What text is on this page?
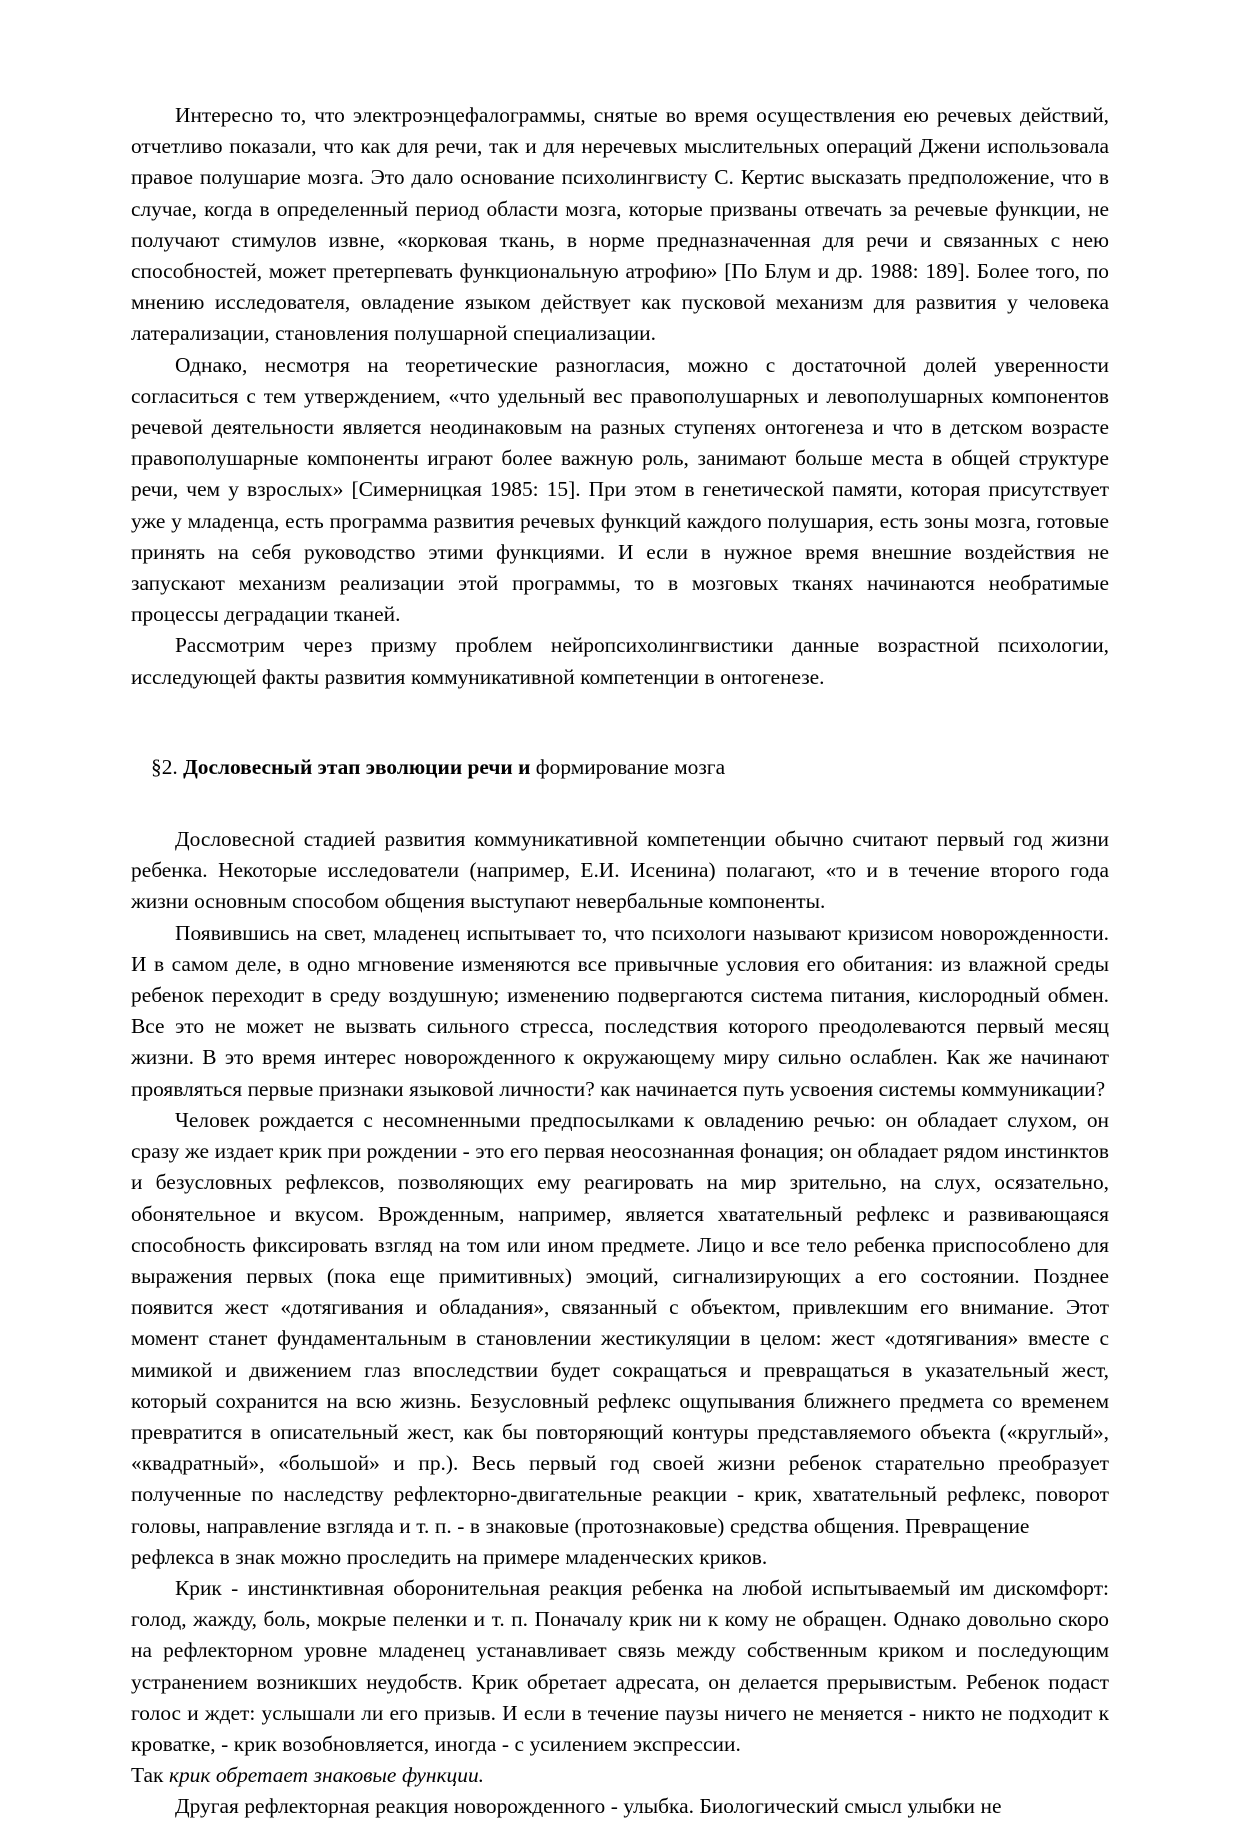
Интересно то, что электроэнцефалограммы, снятые во время осуществления ею речевых действий, отчетливо показали, что как для речи, так и для неречевых мыслительных операций Джени использовала правое полушарие мозга. Это дало основание психолингвисту С. Кертис высказать предположение, что в случае, когда в определенный период области мозга, которые призваны отвечать за речевые функции, не получают стимулов извне, «корковая ткань, в норме предназначенная для речи и связанных с нею способностей, может претерпевать функциональную атрофию» [По Блум и др. 1988: 189]. Более того, по мнению исследователя, овладение языком действует как пусковой механизм для развития у человека латерализации, становления полушарной специализации.

Однако, несмотря на теоретические разногласия, можно с достаточной долей уверенности согласиться с тем утверждением, «что удельный вес правополушарных и левополушарных компонентов речевой деятельности является неодинаковым на разных ступенях онтогенеза и что в детском возрасте правополушарные компоненты играют более важную роль, занимают больше места в общей структуре речи, чем у взрослых» [Симерницкая 1985: 15]. При этом в генетической памяти, которая присутствует уже у младенца, есть программа развития речевых функций каждого полушария, есть зоны мозга, готовые принять на себя руководство этими функциями. И если в нужное время внешние воздействия не запускают механизм реализации этой программы, то в мозговых тканях начинаются необратимые процессы деградации тканей.

Рассмотрим через призму проблем нейропсихолингвистики данные возрастной психологии, исследующей факты развития коммуникативной компетенции в онтогенезе.

§2. Дословесный этап эволюции речи и формирование мозга

Дословесной стадией развития коммуникативной компетенции обычно считают первый год жизни ребенка. Некоторые исследователи (например, Е.И. Исенина) полагают, «то и в течение второго года жизни основным способом общения выступают невербальные компоненты.

Появившись на свет, младенец испытывает то, что психологи называют кризисом новорожденности. И в самом деле, в одно мгновение изменяются все привычные условия его обитания: из влажной среды ребенок переходит в среду воздушную; изменению подвергаются система питания, кислородный обмен. Все это не может не вызвать сильного стресса, последствия которого преодолеваются первый месяц жизни. В это время интерес новорожденного к окружающему миру сильно ослаблен. Как же начинают проявляться первые признаки языковой личности? как начинается путь усвоения системы коммуникации?

Человек рождается с несомненными предпосылками к овладению речью: он обладает слухом, он сразу же издает крик при рождении - это его первая неосознанная фонация; он обладает рядом инстинктов и безусловных рефлексов, позволяющих ему реагировать на мир зрительно, на слух, осязательно, обонятельное и вкусом. Врожденным, например, является хватательный рефлекс и развивающаяся способность фиксировать взгляд на том или ином предмете. Лицо и все тело ребенка приспособлено для выражения первых (пока еще примитивных) эмоций, сигнализирующих а его состоянии. Позднее появится жест «дотягивания и обладания», связанный с объектом, привлекшим его внимание. Этот момент станет фундаментальным в становлении жестикуляции в целом: жест «дотягивания» вместе с мимикой и движением глаз впоследствии будет сокращаться и превращаться в указательный жест, который сохранится на всю жизнь. Безусловный рефлекс ощупывания ближнего предмета со временем превратится в описательный жест, как бы повторяющий контуры представляемого объекта («круглый», «квадратный», «большой» и пр.). Весь первый год своей жизни ребенок старательно преобразует полученные по наследству рефлекторно-двигательные реакции - крик, хватательный рефлекс, поворот головы, направление взгляда и т. п. - в знаковые (протознаковые) средства общения. Превращение

рефлекса в знак можно проследить на примере младенческих криков.

Крик - инстинктивная оборонительная реакция ребенка на любой испытываемый им дискомфорт: голод, жажду, боль, мокрые пеленки и т. п. Поначалу крик ни к кому не обращен. Однако довольно скоро на рефлекторном уровне младенец устанавливает связь между собственным криком и последующим устранением возникших неудобств. Крик обретает адресата, он делается прерывистым. Ребенок подаст голос и ждет: услышали ли его призыв. И если в течение паузы ничего не меняется - никто не подходит к кроватке, - крик возобновляется, иногда - с усилением экспрессии.

Так крик обретает знаковые функции.

Другая рефлекторная реакция новорожденного - улыбка. Биологический смысл улыбки не
